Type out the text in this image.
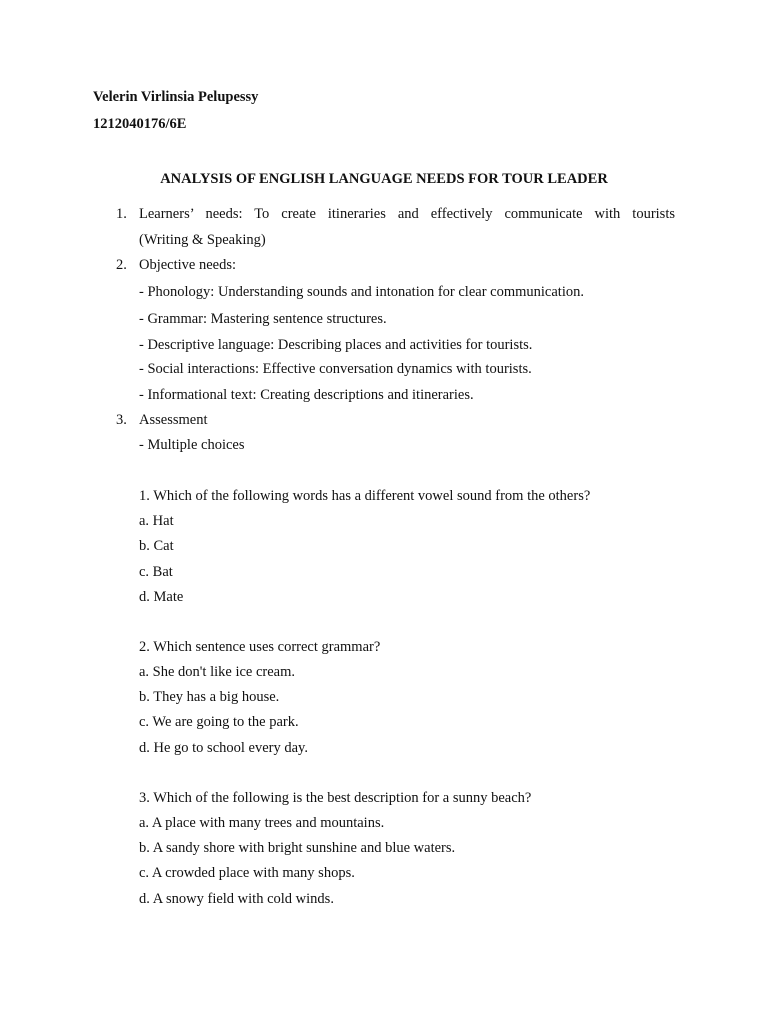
Velerin Virlinsia Pelupessy
1212040176/6E
ANALYSIS OF ENGLISH LANGUAGE NEEDS FOR TOUR LEADER
1. Learners’ needs: To create itineraries and effectively communicate with tourists
(Writing & Speaking)
2. Objective needs:
- Phonology: Understanding sounds and intonation for clear communication.
- Grammar: Mastering sentence structures.
- Descriptive language: Describing places and activities for tourists.
- Social interactions: Effective conversation dynamics with tourists.
- Informational text: Creating descriptions and itineraries.
3. Assessment
- Multiple choices
1. Which of the following words has a different vowel sound from the others?
a. Hat
b. Cat
c. Bat
d. Mate
2. Which sentence uses correct grammar?
a. She don't like ice cream.
b. They has a big house.
c. We are going to the park.
d. He go to school every day.
3. Which of the following is the best description for a sunny beach?
a. A place with many trees and mountains.
b. A sandy shore with bright sunshine and blue waters.
c. A crowded place with many shops.
d. A snowy field with cold winds.
